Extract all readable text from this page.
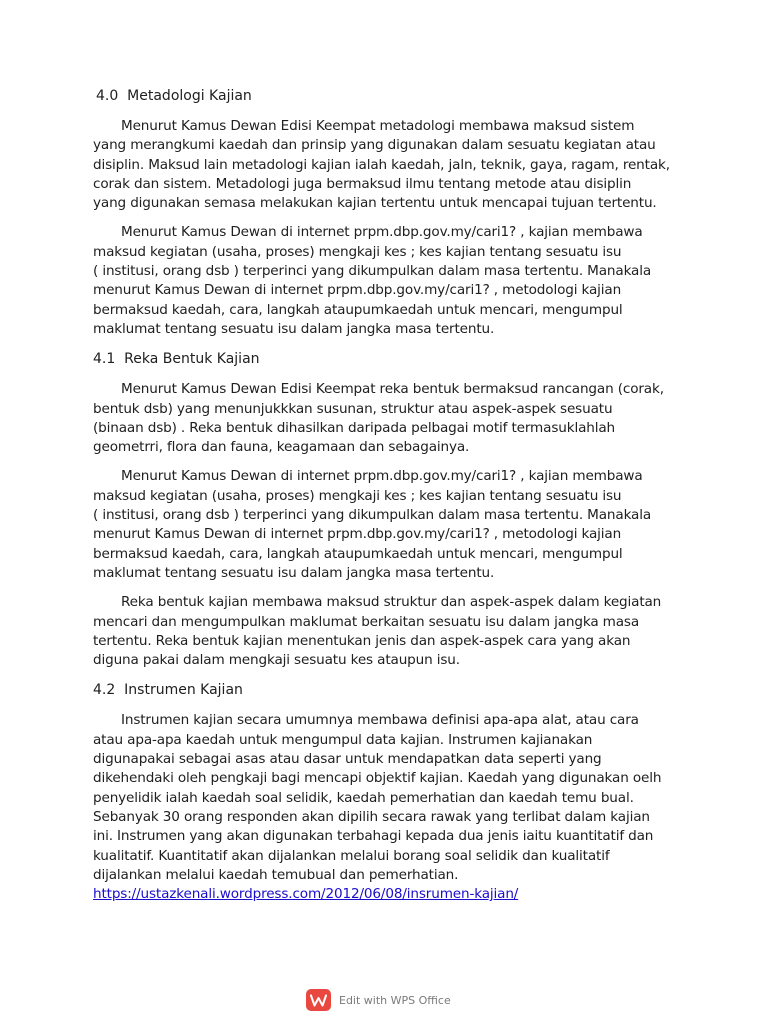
4.0  Metadologi Kajian

Menurut Kamus Dewan Edisi Keempat metadologi membawa maksud sistem
yang merangkumi kaedah dan prinsip yang digunakan dalam sesuatu kegiatan atau
disiplin. Maksud lain metadologi kajian ialah kaedah, jaln, teknik, gaya, ragam, rentak,
corak dan sistem. Metadologi juga bermaksud ilmu tentang metode atau disiplin
yang digunakan semasa melakukan kajian tertentu untuk mencapai tujuan tertentu.

Menurut Kamus Dewan di internet prpm.dbp.gov.my/cari1? , kajian membawa
maksud kegiatan (usaha, proses) mengkaji kes ; kes kajian tentang sesuatu isu
( institusi, orang dsb ) terperinci yang dikumpulkan dalam masa tertentu. Manakala
menurut Kamus Dewan di internet prpm.dbp.gov.my/cari1? , metodologi kajian
bermaksud kaedah, cara, langkah ataupumkaedah untuk mencari, mengumpul
maklumat tentang sesuatu isu dalam jangka masa tertentu.

4.1  Reka Bentuk Kajian

Menurut Kamus Dewan Edisi Keempat reka bentuk bermaksud rancangan (corak,
bentuk dsb) yang menunjukkkan susunan, struktur atau aspek-aspek sesuatu
(binaan dsb) . Reka bentuk dihasilkan daripada pelbagai motif termasuklahlah
geometrri, flora dan fauna, keagamaan dan sebagainya.

Menurut Kamus Dewan di internet prpm.dbp.gov.my/cari1? , kajian membawa
maksud kegiatan (usaha, proses) mengkaji kes ; kes kajian tentang sesuatu isu
( institusi, orang dsb ) terperinci yang dikumpulkan dalam masa tertentu. Manakala
menurut Kamus Dewan di internet prpm.dbp.gov.my/cari1? , metodologi kajian
bermaksud kaedah, cara, langkah ataupumkaedah untuk mencari, mengumpul
maklumat tentang sesuatu isu dalam jangka masa tertentu.

Reka bentuk kajian membawa maksud struktur dan aspek-aspek dalam kegiatan
mencari dan mengumpulkan maklumat berkaitan sesuatu isu dalam jangka masa
tertentu. Reka bentuk kajian menentukan jenis dan aspek-aspek cara yang akan
diguna pakai dalam mengkaji sesuatu kes ataupun isu.

4.2  Instrumen Kajian

Instrumen kajian secara umumnya membawa definisi apa-apa alat, atau cara
atau apa-apa kaedah untuk mengumpul data kajian. Instrumen kajianakan
digunapakai sebagai asas atau dasar untuk mendapatkan data seperti yang
dikehendaki oleh pengkaji bagi mencapi objektif kajian. Kaedah yang digunakan oelh
penyelidik ialah kaedah soal selidik, kaedah pemerhatian dan kaedah temu bual.
Sebanyak 30 orang responden akan dipilih secara rawak yang terlibat dalam kajian
ini. Instrumen yang akan digunakan terbahagi kepada dua jenis iaitu kuantitatif dan
kualitatif. Kuantitatif akan dijalankan melalui borang soal selidik dan kualitatif
dijalankan melalui kaedah temubual dan pemerhatian.
https://ustazkenali.wordpress.com/2012/06/08/insrumen-kajian/

Edit with WPS Office
